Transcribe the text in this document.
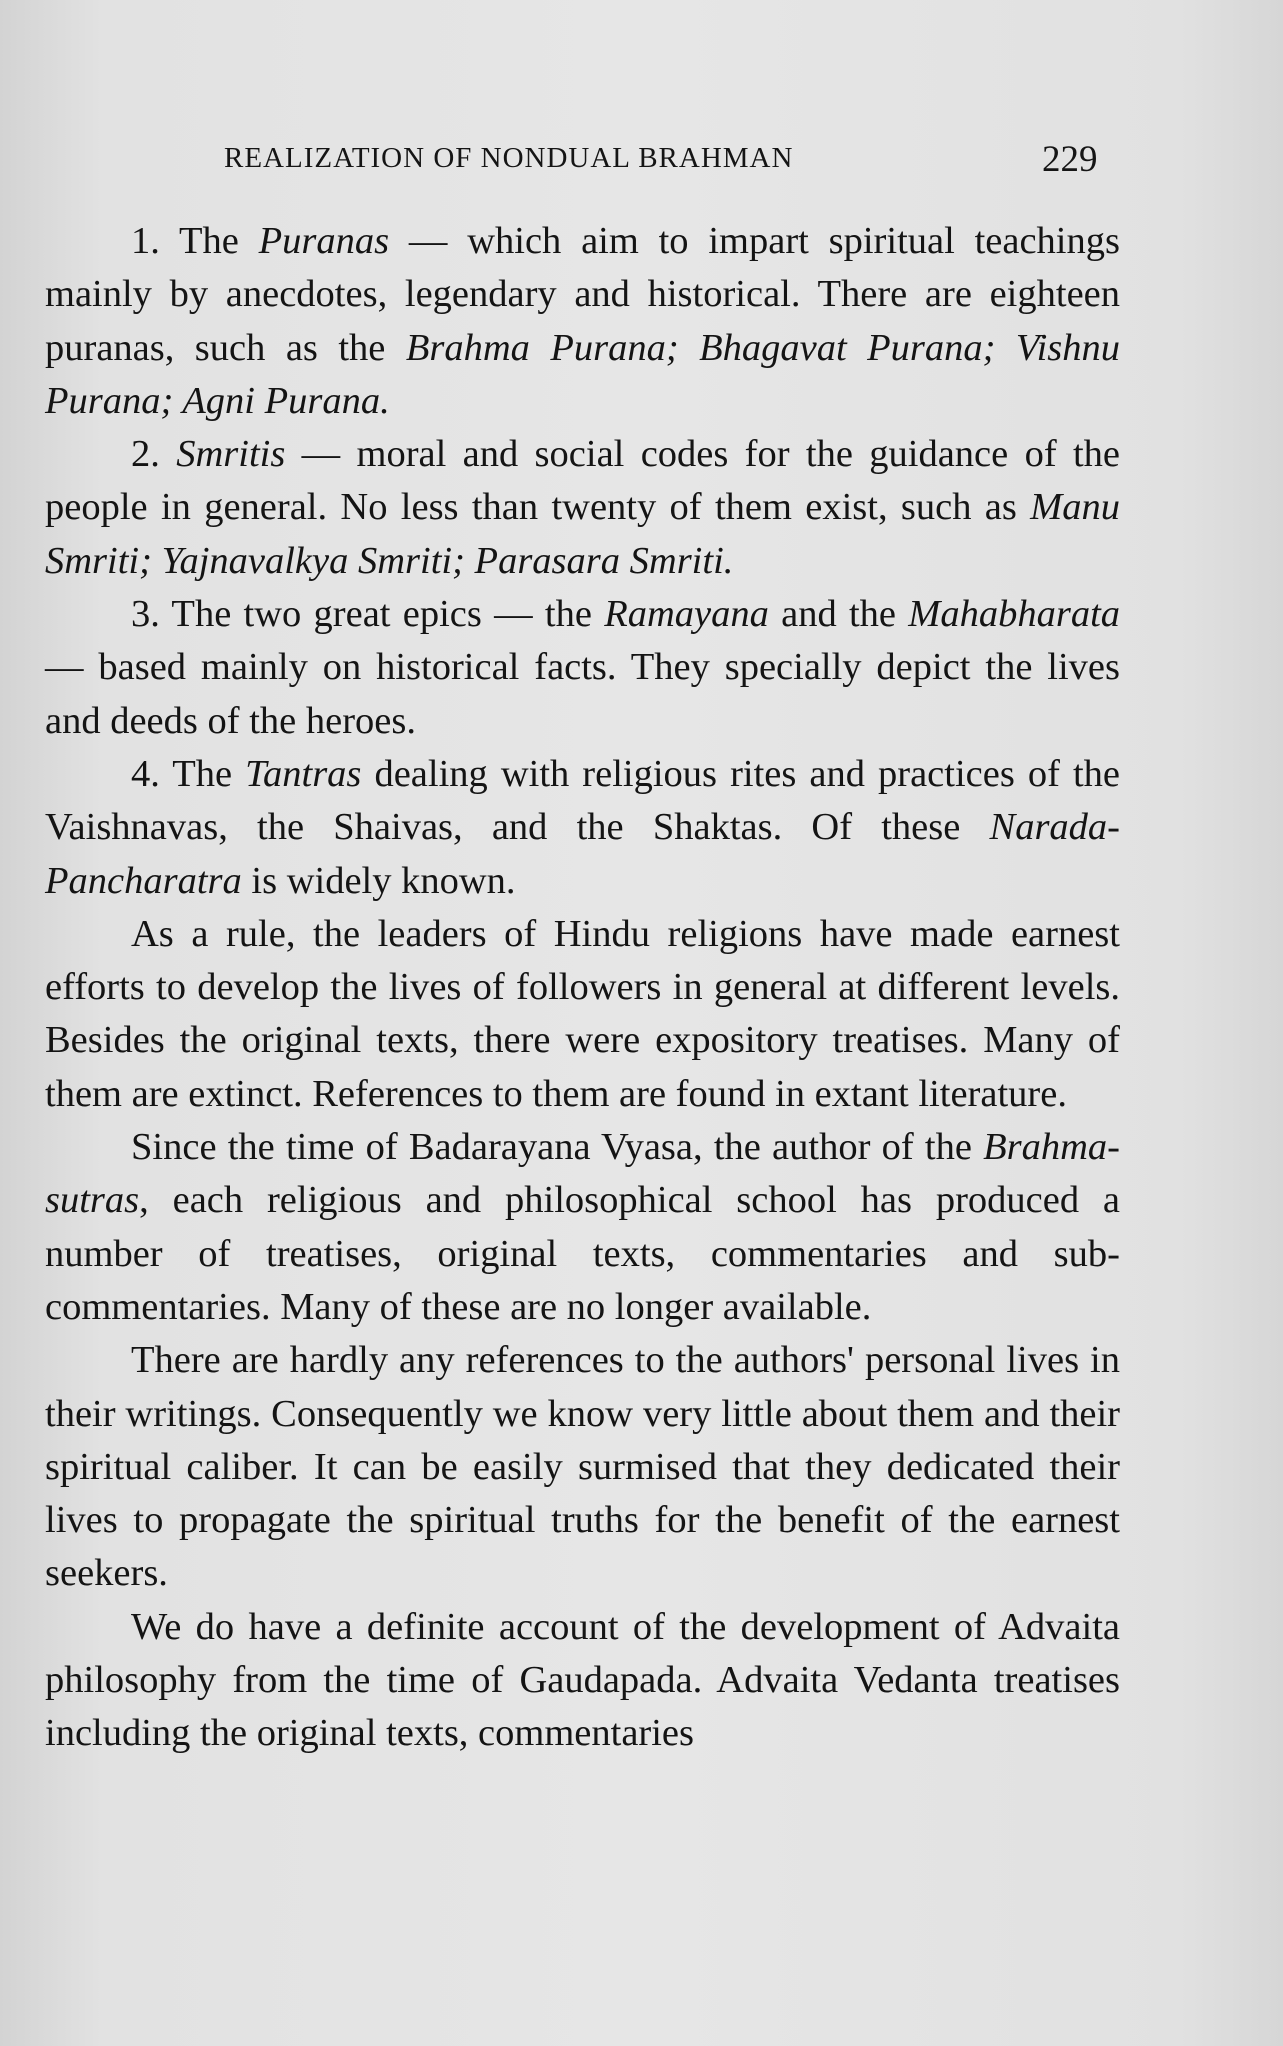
REALIZATION OF NONDUAL BRAHMAN	229

1. The Puranas — which aim to impart spiritual teachings mainly by anecdotes, legendary and historical. There are eighteen puranas, such as the Brahma Purana; Bhagavat Purana; Vishnu Purana; Agni Purana.

2. Smritis — moral and social codes for the guidance of the people in general. No less than twenty of them exist, such as Manu Smriti; Yajnavalkya Smriti; Parasara Smriti.

3. The two great epics — the Ramayana and the Mahabharata — based mainly on historical facts. They specially depict the lives and deeds of the heroes.

4. The Tantras dealing with religious rites and practices of the Vaishnavas, the Shaivas, and the Shaktas. Of these Narada-Pancharatra is widely known.

As a rule, the leaders of Hindu religions have made earnest efforts to develop the lives of followers in general at different levels. Besides the original texts, there were expository treatises. Many of them are extinct. References to them are found in extant literature.

Since the time of Badarayana Vyasa, the author of the Brahma-sutras, each religious and philosophical school has produced a number of treatises, original texts, commentaries and sub-commentaries. Many of these are no longer available.

There are hardly any references to the authors' personal lives in their writings. Consequently we know very little about them and their spiritual caliber. It can be easily surmised that they dedicated their lives to propagate the spiritual truths for the benefit of the earnest seekers.

We do have a definite account of the development of Advaita philosophy from the time of Gaudapada. Advaita Vedanta treatises including the original texts, commentaries
